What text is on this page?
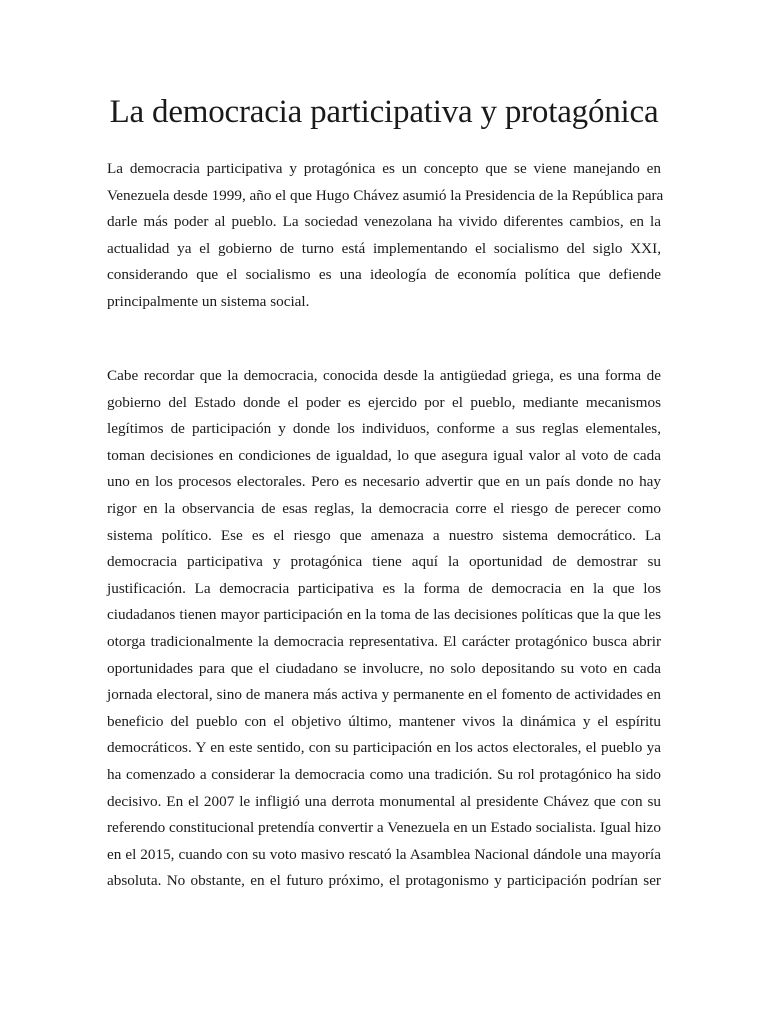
La democracia participativa y protagónica
La democracia participativa y protagónica es un concepto que se viene manejando en
Venezuela desde 1999, año el que Hugo Chávez asumió la Presidencia de la República para
darle más poder al pueblo. La sociedad venezolana ha vivido diferentes cambios, en la
actualidad ya el gobierno de turno está implementando el socialismo del siglo XXI,
considerando que el socialismo es una ideología de economía política que defiende
principalmente un sistema social.
Cabe recordar que la democracia, conocida desde la antigüedad griega, es una forma de
gobierno del Estado donde el poder es ejercido por el pueblo, mediante mecanismos
legítimos de participación y donde los individuos, conforme a sus reglas elementales,
toman decisiones en condiciones de igualdad, lo que asegura igual valor al voto de cada
uno en los procesos electorales. Pero es necesario advertir que en un país donde no hay
rigor en la observancia de esas reglas, la democracia corre el riesgo de perecer como
sistema político. Ese es el riesgo que amenaza a nuestro sistema democrático. La
democracia participativa y protagónica tiene aquí la oportunidad de demostrar su
justificación. La democracia participativa es la forma de democracia en la que los
ciudadanos tienen mayor participación en la toma de las decisiones políticas que la que les
otorga tradicionalmente la democracia representativa. El carácter protagónico busca abrir
oportunidades para que el ciudadano se involucre, no solo depositando su voto en cada
jornada electoral, sino de manera más activa y permanente en el fomento de actividades en
beneficio del pueblo con el objetivo último, mantener vivos la dinámica y el espíritu
democráticos. Y en este sentido, con su participación en los actos electorales, el pueblo ya
ha comenzado a considerar la democracia como una tradición. Su rol protagónico ha sido
decisivo. En el 2007 le infligió una derrota monumental al presidente Chávez que con su
referendo constitucional pretendía convertir a Venezuela en un Estado socialista. Igual hizo
en el 2015, cuando con su voto masivo rescató la Asamblea Nacional dándole una mayoría
absoluta. No obstante, en el futuro próximo, el protagonismo y participación podrían ser
